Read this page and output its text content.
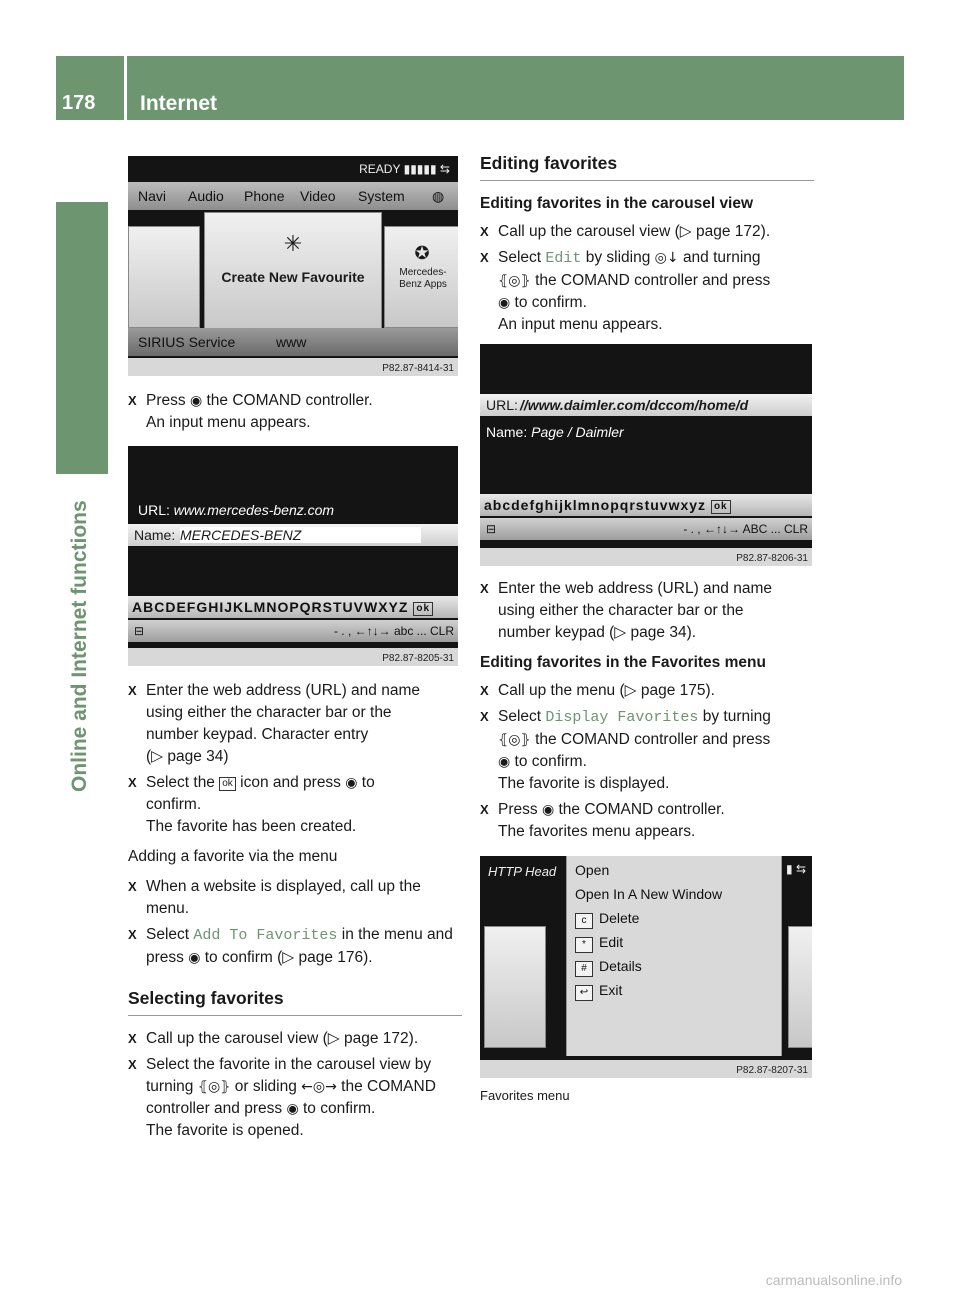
178 Internet
Online and Internet functions
READY ▮▮▮▮▮ ⇆
Navi Audio Phone Video System ◍
✳
Create New Favourite
✪
Mercedes-Benz Apps
SIRIUS Service	www
P82.87-8414-31

X Press ◉ the COMAND controller.
An input menu appears.

URL: www.mercedes-benz.com
Name: MERCEDES-BENZ
ABCDEFGHIJKLMNOPQRSTUVWXYZ ok
⊟	- . , ←↑↓→ abc ... CLR
P82.87-8205-31

X Enter the web address (URL) and name
using either the character bar or the
number keypad. Character entry
(▷ page 34)

X Select the ok icon and press ◉ to
confirm.
The favorite has been created.

Adding a favorite via the menu

X When a website is displayed, call up the
menu.

X Select Add To Favorites in the menu and
press ◉ to confirm (▷ page 176).

Selecting favorites

X Call up the carousel view (▷ page 172).

X Select the favorite in the carousel view by
turning ⦃◎⦄ or sliding ←◎→ the COMAND
controller and press ◉ to confirm.
The favorite is opened.

Editing favorites

Editing favorites in the carousel view

X Call up the carousel view (▷ page 172).

X Select Edit by sliding ◎↓ and turning
⦃◎⦄ the COMAND controller and press
◉ to confirm.
An input menu appears.

URL: //www.daimler.com/dccom/home/d
Name: Page / Daimler
abcdefghijklmnopqrstuvwxyz ok
⊟	- . , ←↑↓→ ABC ... CLR
P82.87-8206-31

X Enter the web address (URL) and name
using either the character bar or the
number keypad (▷ page 34).

Editing favorites in the Favorites menu

X Call up the menu (▷ page 175).

X Select Display Favorites by turning
⦃◎⦄ the COMAND controller and press
◉ to confirm.
The favorite is displayed.

X Press ◉ the COMAND controller.
The favorites menu appears.

HTTP Head	▮ ⇆
Open
Open In A New Window
c Delete
* Edit
# Details
↩ Exit
P82.87-8207-31
Favorites menu
carmanualsonline.info
